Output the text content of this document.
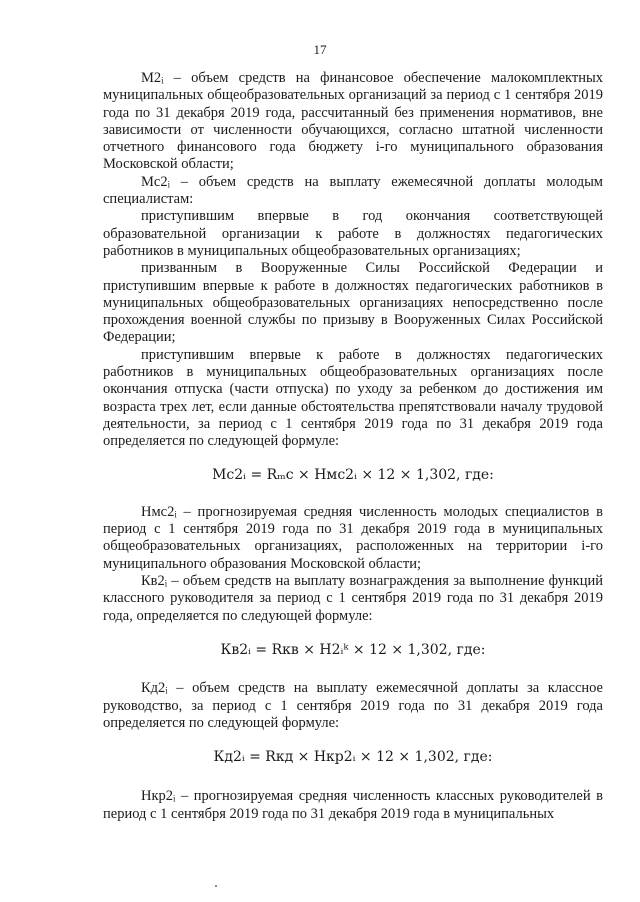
17

М2ᵢ – объем средств на финансовое обеспечение малокомплектных муниципальных общеобразовательных организаций за период с 1 сентября 2019 года по 31 декабря 2019 года, рассчитанный без применения нормативов, вне зависимости от численности обучающихся, согласно штатной численности отчетного финансового года бюджету i-го муниципального образования Московской области;

Мс2ᵢ – объем средств на выплату ежемесячной доплаты молодым специалистам:

приступившим впервые в год окончания соответствующей образовательной организации к работе в должностях педагогических работников в муниципальных общеобразовательных организациях;

призванным в Вооруженные Силы Российской Федерации и приступившим впервые к работе в должностях педагогических работников в муниципальных общеобразовательных организациях непосредственно после прохождения военной службы по призыву в Вооруженных Силах Российской Федерации;

приступившим впервые к работе в должностях педагогических работников в муниципальных общеобразовательных организациях после окончания отпуска (части отпуска) по уходу за ребенком до достижения им возраста трех лет, если данные обстоятельства препятствовали началу трудовой деятельности, за период с 1 сентября 2019 года по 31 декабря 2019 года определяется по следующей формуле:

Мс2ᵢ = Rₘс × Нмс2ᵢ × 12 × 1,302, где:

Нмс2ᵢ – прогнозируемая средняя численность молодых специалистов в период с 1 сентября 2019 года по 31 декабря 2019 года в муниципальных общеобразовательных организациях, расположенных на территории i-го муниципального образования Московской области;

Кв2ᵢ – объем средств на выплату вознаграждения за выполнение функций классного руководителя за период с 1 сентября 2019 года по 31 декабря 2019 года, определяется по следующей формуле:

Кв2ᵢ = Rкв × Н2ᵢᵏ × 12 × 1,302, где:

Кд2ᵢ – объем средств на выплату ежемесячной доплаты за классное руководство, за период с 1 сентября 2019 года по 31 декабря 2019 года определяется по следующей формуле:

Кд2ᵢ = Rкд × Нкр2ᵢ × 12 × 1,302, где:

Нкр2ᵢ – прогнозируемая средняя численность классных руководителей в период с 1 сентября 2019 года по 31 декабря 2019 года в муниципальных
